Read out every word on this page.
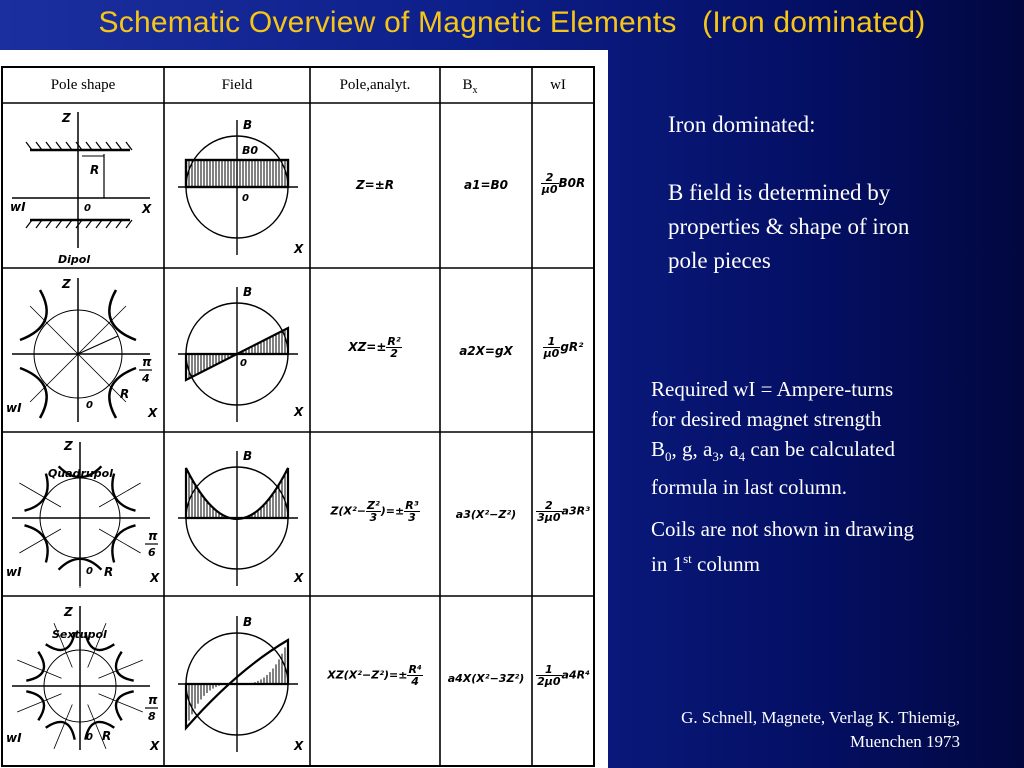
Schematic Overview of Magnetic Elements   (Iron dominated)
Z
X
wI	0
R
Dipol
B
B0
X
0
Z
X
wI	0
R
π
4
Quadrupol
B
X
0
Z
X
wI	0 R
π
6
Sextupol
B
X
Z
X
wI	0 R
π
8
B
X
Pole shape	Field	Pole,analyt.	$B_x$	wI
Z=±R	a1=B0	$\frac{2}{\mu 0} B0R$
$XZ=\pm \frac{\text{R²}}{2}$	a2X=gX	$\frac{1}{\mu 0} gR^2$
$Z(X^2- \frac{\text{Z²}}{3}$ )=± $\frac{\text{R³}}{3}$	a3(X²−Z²)	$\frac{2}{3\mu 0} a3R^3$
$XZ(X^2-Z^2)=\pm \frac{\text{R⁴}}{4}$	a4X(X²−3Z²)	$\frac{1}{2\mu 0} a4R^4$
Iron dominated:
B field is determined by
properties & shape of iron
pole pieces
Required wI = Ampere-turns
for desired magnet strength
$B_0$, g, $a_3$, $a_4$ can be calculated
formula in last column.
Coils are not shown in drawing
in 1st colunm
G. Schnell, Magnete, Verlag K. Thiemig,
Muenchen 1973
